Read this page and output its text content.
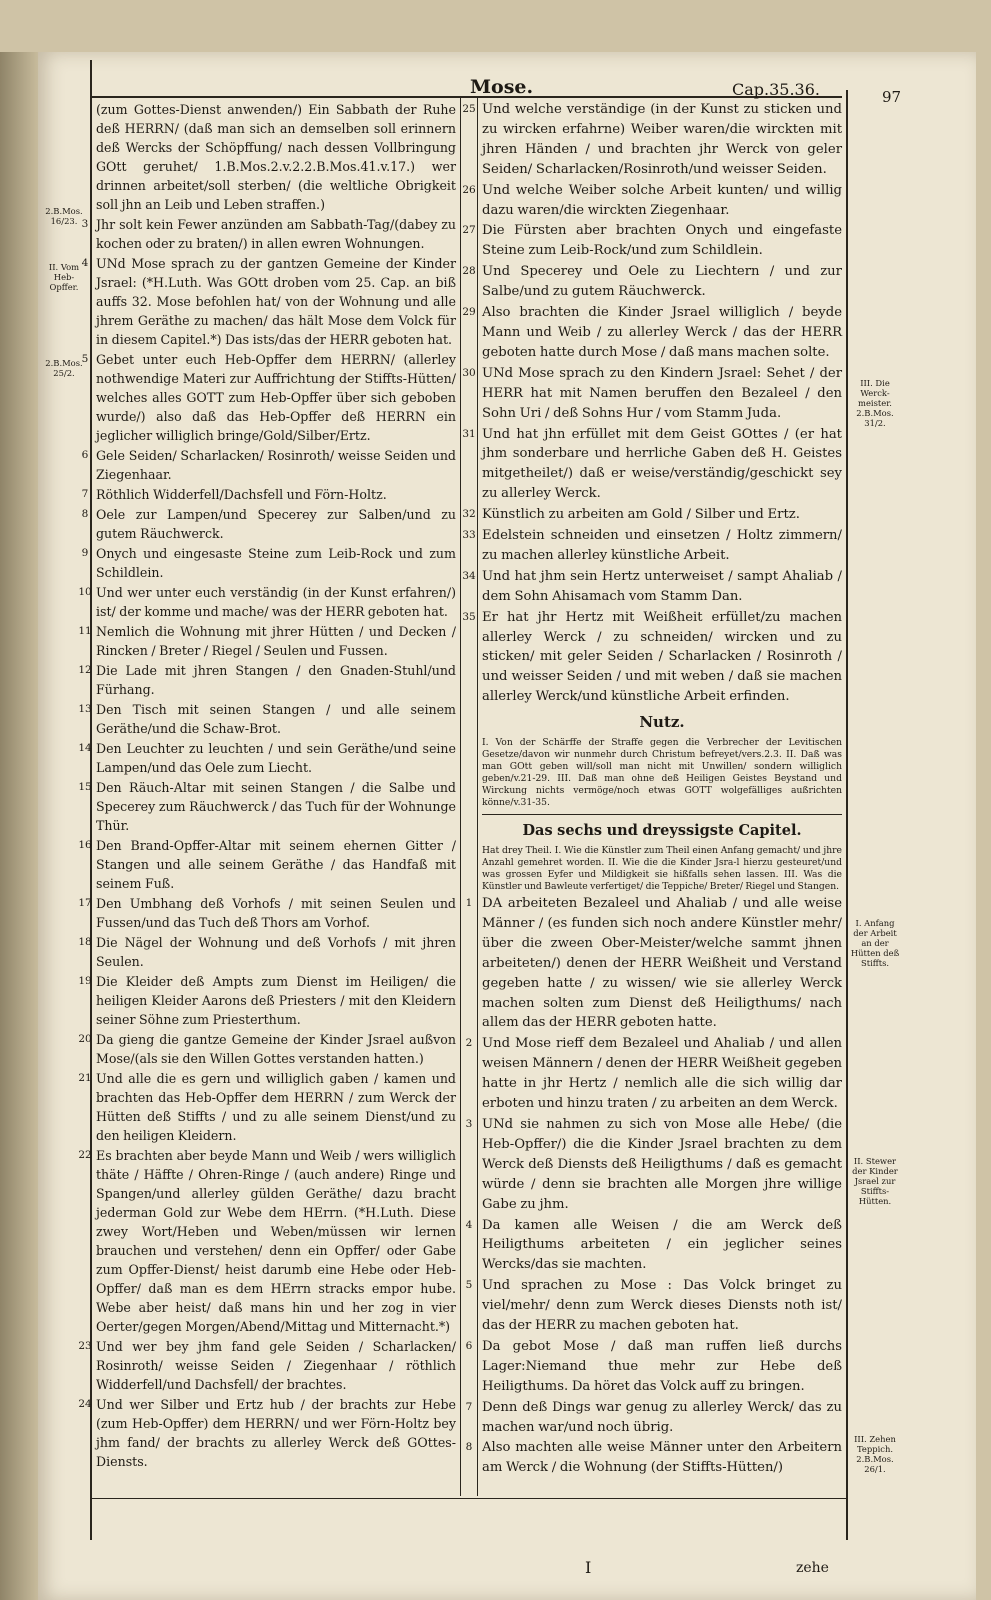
Mose.	Cap.35.36.	97
2.B.Mos. 16/23.
II. Vom Heb-Opffer.
2.B.Mos. 25/2.
III. Die Werck-meister. 2.B.Mos. 31/2.
I. Anfang der Arbeit an der Hütten deß Stiffts.
II. Stewer der Kinder Jsrael zur Stiffts-Hütten.
III. Zehen Teppich. 2.B.Mos. 26/1.

(zum Gottes-Dienst anwenden/) Ein Sabbath der Ruhe deß HERRN/ (daß man sich an demselben soll erinnern deß Wercks der Schöpffung/ nach dessen Vollbringung GOtt geruhet/ 1.B.Mos.2.v.2.2.B.Mos.41.v.17.) wer drinnen arbeitet/soll sterben/ (die weltliche Obrigkeit soll jhn an Leib und Leben straffen.)

3 Jhr solt kein Fewer anzünden am Sabbath-Tag/(dabey zu kochen oder zu braten/) in allen ewren Wohnungen.

4 UNd Mose sprach zu der gantzen Gemeine der Kinder Jsrael: (*H.Luth. Was GOtt droben vom 25. Cap. an biß auffs 32. Mose befohlen hat/ von der Wohnung und alle jhrem Geräthe zu machen/ das hält Mose dem Volck für in diesem Capitel.*) Das ists/das der HERR geboten hat.

5 Gebet unter euch Heb-Opffer dem HERRN/ (allerley nothwendige Materi zur Auffrichtung der Stiffts-Hütten/ welches alles GOTT zum Heb-Opffer über sich geboben wurde/) also daß das Heb-Opffer deß HERRN ein jeglicher williglich bringe/Gold/Silber/Ertz.

6 Gele Seiden/ Scharlacken/ Rosinroth/ weisse Seiden und Ziegenhaar.

7 Röthlich Widderfell/Dachsfell und Förn-Holtz.

8 Oele zur Lampen/und Specerey zur Salben/und zu gutem Räuchwerck.

9 Onych und eingesaste Steine zum Leib-Rock und zum Schildlein.

10 Und wer unter euch verständig (in der Kunst erfahren/) ist/ der komme und mache/ was der HERR geboten hat.

11 Nemlich die Wohnung mit jhrer Hütten / und Decken / Rincken / Breter / Riegel / Seulen und Fussen.

12 Die Lade mit jhren Stangen / den Gnaden-Stuhl/und Fürhang.

13 Den Tisch mit seinen Stangen / und alle seinem Geräthe/und die Schaw-Brot.

14 Den Leuchter zu leuchten / und sein Geräthe/und seine Lampen/und das Oele zum Liecht.

15 Den Räuch-Altar mit seinen Stangen / die Salbe und Specerey zum Räuchwerck / das Tuch für der Wohnunge Thür.

16 Den Brand-Opffer-Altar mit seinem ehernen Gitter / Stangen und alle seinem Geräthe / das Handfaß mit seinem Fuß.

17 Den Umbhang deß Vorhofs / mit seinen Seulen und Fussen/und das Tuch deß Thors am Vorhof.

18 Die Nägel der Wohnung und deß Vorhofs / mit jhren Seulen.

19 Die Kleider deß Ampts zum Dienst im Heiligen/ die heiligen Kleider Aarons deß Priesters / mit den Kleidern seiner Söhne zum Priesterthum.

20 Da gieng die gantze Gemeine der Kinder Jsrael außvon Mose/(als sie den Willen Gottes verstanden hatten.)

21 Und alle die es gern und williglich gaben / kamen und brachten das Heb-Opffer dem HERRN / zum Werck der Hütten deß Stiffts / und zu alle seinem Dienst/und zu den heiligen Kleidern.

22 Es brachten aber beyde Mann und Weib / wers williglich thäte / Häffte / Ohren-Ringe / (auch andere) Ringe und Spangen/und allerley gülden Geräthe/ dazu bracht jederman Gold zur Webe dem HErrn. (*H.Luth. Diese zwey Wort/Heben und Weben/müssen wir lernen brauchen und verstehen/ denn ein Opffer/ oder Gabe zum Opffer-Dienst/ heist darumb eine Hebe oder Heb-Opffer/ daß man es dem HErrn stracks empor hube. Webe aber heist/ daß mans hin und her zog in vier Oerter/gegen Morgen/Abend/Mittag und Mitternacht.*)

23 Und wer bey jhm fand gele Seiden / Scharlacken/ Rosinroth/ weisse Seiden / Ziegenhaar / röthlich Widderfell/und Dachsfell/ der brachtes.

24 Und wer Silber und Ertz hub / der brachts zur Hebe (zum Heb-Opffer) dem HERRN/ und wer Förn-Holtz bey jhm fand/ der brachts zu allerley Werck deß GOttes-Diensts.

25 Und welche verständige (in der Kunst zu sticken und zu wircken erfahrne) Weiber waren/die wirckten mit jhren Händen / und brachten jhr Werck von geler Seiden/ Scharlacken/Rosinroth/und weisser Seiden.

26 Und welche Weiber solche Arbeit kunten/ und willig dazu waren/die wirckten Ziegenhaar.

27 Die Fürsten aber brachten Onych und eingefaste Steine zum Leib-Rock/und zum Schildlein.

28 Und Specerey und Oele zu Liechtern / und zur Salbe/und zu gutem Räuchwerck.

29 Also brachten die Kinder Jsrael williglich / beyde Mann und Weib / zu allerley Werck / das der HERR geboten hatte durch Mose / daß mans machen solte.

30 UNd Mose sprach zu den Kindern Jsrael: Sehet / der HERR hat mit Namen beruffen den Bezaleel / den Sohn Uri / deß Sohns Hur / vom Stamm Juda.

31 Und hat jhn erfüllet mit dem Geist GOttes / (er hat jhm sonderbare und herrliche Gaben deß H. Geistes mitgetheilet/) daß er weise/verständig/geschickt sey zu allerley Werck.

32 Künstlich zu arbeiten am Gold / Silber und Ertz.

33 Edelstein schneiden und einsetzen / Holtz zimmern/ zu machen allerley künstliche Arbeit.

34 Und hat jhm sein Hertz unterweiset / sampt Ahaliab / dem Sohn Ahisamach vom Stamm Dan.

35 Er hat jhr Hertz mit Weißheit erfüllet/zu machen allerley Werck / zu schneiden/ wircken und zu sticken/ mit geler Seiden / Scharlacken / Rosinroth / und weisser Seiden / und mit weben / daß sie machen allerley Werck/und künstliche Arbeit erfinden.

Nutz.

I. Von der Schärffe der Straffe gegen die Verbrecher der Levitischen Gesetze/davon wir nunmehr durch Christum befreyet/vers.2.3. II. Daß was man GOtt geben will/soll man nicht mit Unwillen/ sondern williglich geben/v.21-29. III. Daß man ohne deß Heiligen Geistes Beystand und Wirckung nichts vermöge/noch etwas GOTT wolgefälliges außrichten könne/v.31-35.

Das sechs und dreyssigste Capitel.

Hat drey Theil. I. Wie die Künstler zum Theil einen Anfang gemacht/ und jhre Anzahl gemehret worden. II. Wie die die Kinder Jsra-l hierzu gesteuret/und was grossen Eyfer und Mildigkeit sie hißfalls sehen lassen. III. Was die Künstler und Bawleute verfertiget/ die Teppiche/ Breter/ Riegel und Stangen.

1 DA arbeiteten Bezaleel und Ahaliab / und alle weise Männer / (es funden sich noch andere Künstler mehr/über die zween Ober-Meister/welche sammt jhnen arbeiteten/) denen der HERR Weißheit und Verstand gegeben hatte / zu wissen/ wie sie allerley Werck machen solten zum Dienst deß Heiligthums/ nach allem das der HERR geboten hatte.

2 Und Mose rieff dem Bezaleel und Ahaliab / und allen weisen Männern / denen der HERR Weißheit gegeben hatte in jhr Hertz / nemlich alle die sich willig dar erboten und hinzu traten / zu arbeiten an dem Werck.

3 UNd sie nahmen zu sich von Mose alle Hebe/ (die Heb-Opffer/) die die Kinder Jsrael brachten zu dem Werck deß Diensts deß Heiligthums / daß es gemacht würde / denn sie brachten alle Morgen jhre willige Gabe zu jhm.

4 Da kamen alle Weisen / die am Werck deß Heiligthums arbeiteten / ein jeglicher seines Wercks/das sie machten.

5 Und sprachen zu Mose : Das Volck bringet zu viel/mehr/ denn zum Werck dieses Diensts noth ist/ das der HERR zu machen geboten hat.

6 Da gebot Mose / daß man ruffen ließ durchs Lager:Niemand thue mehr zur Hebe deß Heiligthums. Da höret das Volck auff zu bringen.

7 Denn deß Dings war genug zu allerley Werck/ das zu machen war/und noch übrig.

8 Also machten alle weise Männer unter den Arbeitern am Werck / die Wohnung (der Stiffts-Hütten/)

I	zehe
